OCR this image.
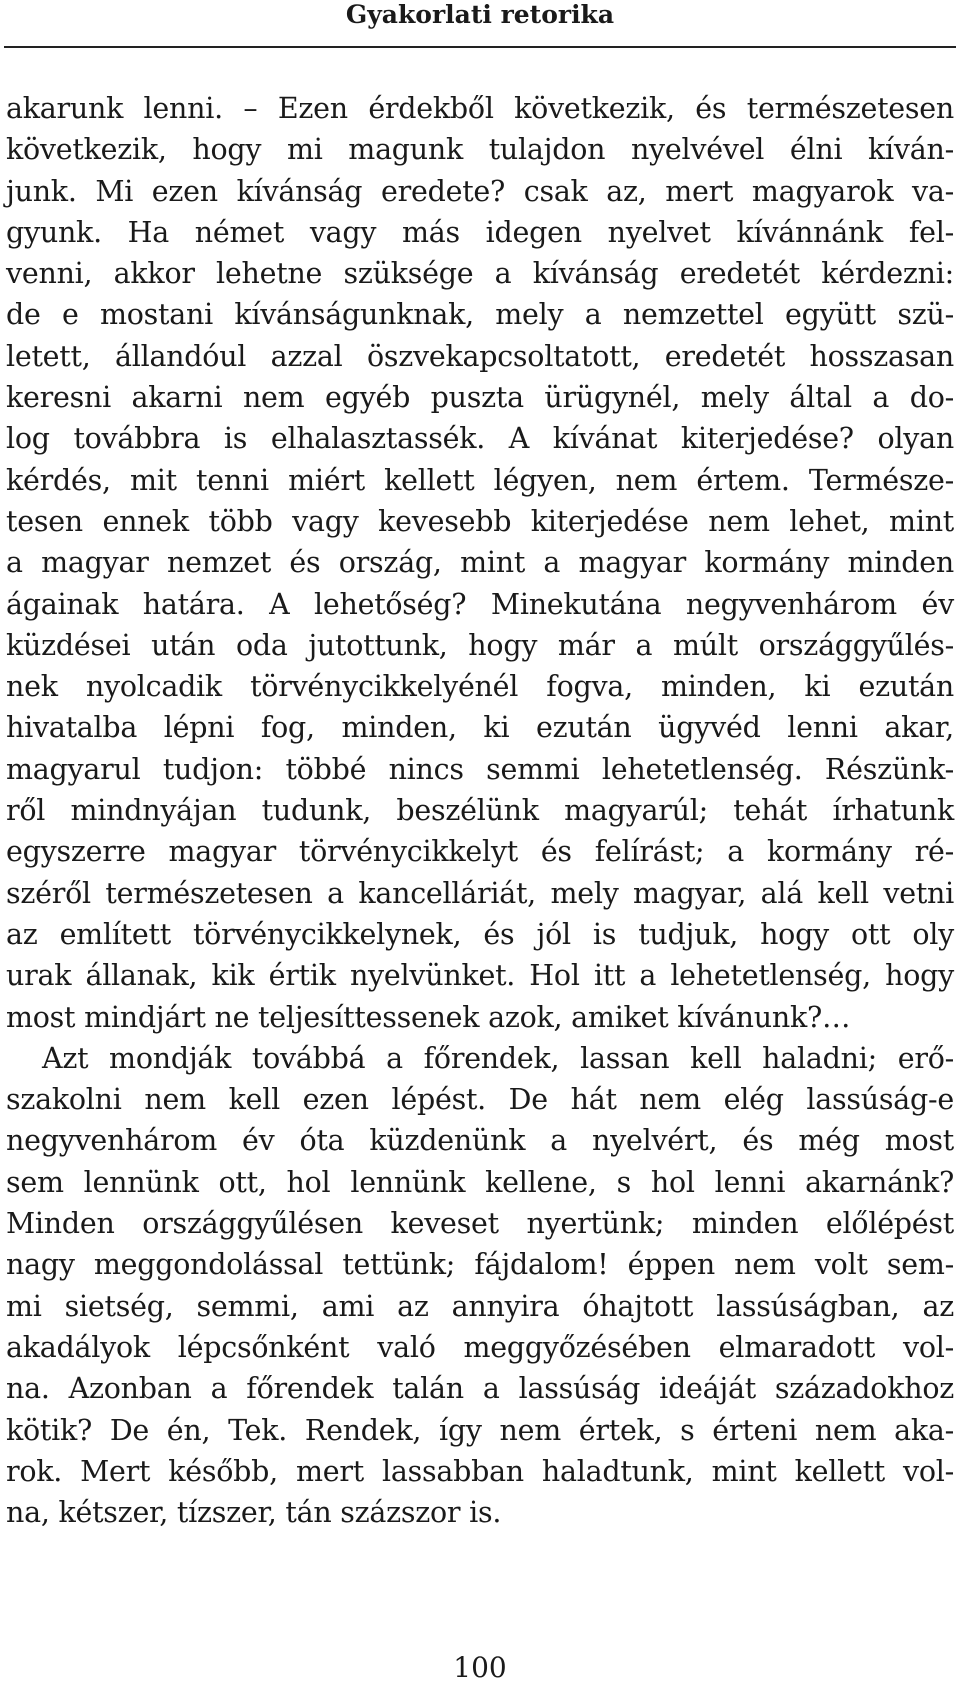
Gyakorlati retorika
akarunk lenni. – Ezen érdekből következik, és természetesen
következik, hogy mi magunk tulajdon nyelvével élni kíván-
junk. Mi ezen kívánság eredete? csak az, mert magyarok va-
gyunk. Ha német vagy más idegen nyelvet kívánnánk fel-
venni, akkor lehetne szüksége a kívánság eredetét kérdezni:
de e mostani kívánságunknak, mely a nemzettel együtt szü-
letett, állandóul azzal öszvekapcsoltatott, eredetét hosszasan
keresni akarni nem egyéb puszta ürügynél, mely által a do-
log továbbra is elhalasztassék. A kívánat kiterjedése? olyan
kérdés, mit tenni miért kellett légyen, nem értem. Természe-
tesen ennek több vagy kevesebb kiterjedése nem lehet, mint
a magyar nemzet és ország, mint a magyar kormány minden
ágainak határa. A lehetőség? Minekutána negyvenhárom év
küzdései után oda jutottunk, hogy már a múlt országgyűlés-
nek nyolcadik törvénycikkelyénél fogva, minden, ki ezután
hivatalba lépni fog, minden, ki ezután ügyvéd lenni akar,
magyarul tudjon: többé nincs semmi lehetetlenség. Részünk-
ről mindnyájan tudunk, beszélünk magyarúl; tehát írhatunk
egyszerre magyar törvénycikkelyt és felírást; a kormány ré-
széről természetesen a kancelláriát, mely magyar, alá kell vetni
az említett törvénycikkelynek, és jól is tudjuk, hogy ott oly
urak állanak, kik értik nyelvünket. Hol itt a lehetetlenség, hogy
most mindjárt ne teljesíttessenek azok, amiket kívánunk?…
Azt mondják továbbá a főrendek, lassan kell haladni; erő-
szakolni nem kell ezen lépést. De hát nem elég lassúság-e
negyvenhárom év óta küzdenünk a nyelvért, és még most
sem lennünk ott, hol lennünk kellene, s hol lenni akarnánk?
Minden országgyűlésen keveset nyertünk; minden előlépést
nagy meggondolással tettünk; fájdalom! éppen nem volt sem-
mi sietség, semmi, ami az annyira óhajtott lassúságban, az
akadályok lépcsőnként való meggyőzésében elmaradott vol-
na. Azonban a főrendek talán a lassúság ideáját századokhoz
kötik? De én, Tek. Rendek, így nem értek, s érteni nem aka-
rok. Mert később, mert lassabban haladtunk, mint kellett vol-
na, kétszer, tízszer, tán százszor is.
100
